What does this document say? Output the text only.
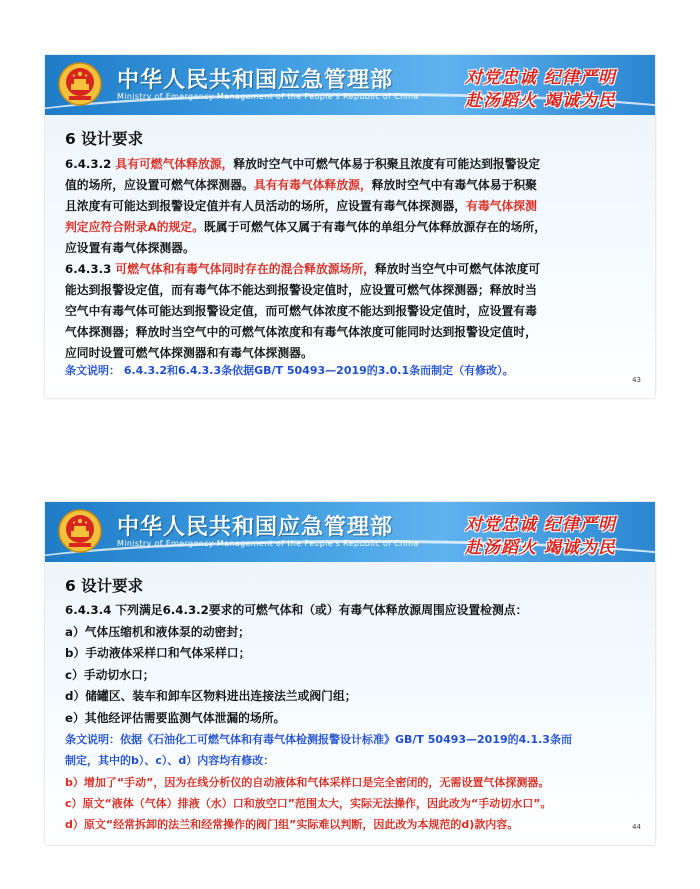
中华人民共和国应急管理部
Ministry of Emergency Management of the People's Republic of China
对党忠诚 纪律严明
赴汤蹈火 竭诚为民
6 设计要求

6.4.3.2 具有可燃气体释放源，释放时空气中可燃气体易于积聚且浓度有可能达到报警设定

值的场所，应设置可燃气体探测器。具有有毒气体释放源，释放时空气中有毒气体易于积聚

且浓度有可能达到报警设定值并有人员活动的场所，应设置有毒气体探测器，有毒气体探测

判定应符合附录A的规定。既属于可燃气体又属于有毒气体的单组分气体释放源存在的场所，

应设置有毒气体探测器。

6.4.3.3 可燃气体和有毒气体同时存在的混合释放源场所，释放时当空气中可燃气体浓度可

能达到报警设定值，而有毒气体不能达到报警设定值时，应设置可燃气体探测器；释放时当

空气中有毒气体可能达到报警设定值，而可燃气体浓度不能达到报警设定值时，应设置有毒

气体探测器；释放时当空气中的可燃气体浓度和有毒气体浓度可能同时达到报警设定值时，

应同时设置可燃气体探测器和有毒气体探测器。

条文说明： 6.4.3.2和6.4.3.3条依据GB/T 50493—2019的3.0.1条而制定（有修改）。
43
中华人民共和国应急管理部
Ministry of Emergency Management of the People's Republic of China
对党忠诚 纪律严明
赴汤蹈火 竭诚为民
6 设计要求

6.4.3.4 下列满足6.4.3.2要求的可燃气体和（或）有毒气体释放源周围应设置检测点：

a）气体压缩机和液体泵的动密封；

b）手动液体采样口和气体采样口；

c）手动切水口；

d）储罐区、装车和卸车区物料进出连接法兰或阀门组；

e）其他经评估需要监测气体泄漏的场所。

条文说明：依据《石油化工可燃气体和有毒气体检测报警设计标准》GB/T 50493—2019的4.1.3条而
制定，其中的b）、c）、d）内容均有修改：
b）增加了“手动”，因为在线分析仪的自动液体和气体采样口是完全密闭的，无需设置气体探测器。
c）原文“液体（气体）排液（水）口和放空口”范围太大，实际无法操作，因此改为“手动切水口”。
d）原文“经常拆卸的法兰和经常操作的阀门组”实际难以判断，因此改为本规范的d)款内容。	44
